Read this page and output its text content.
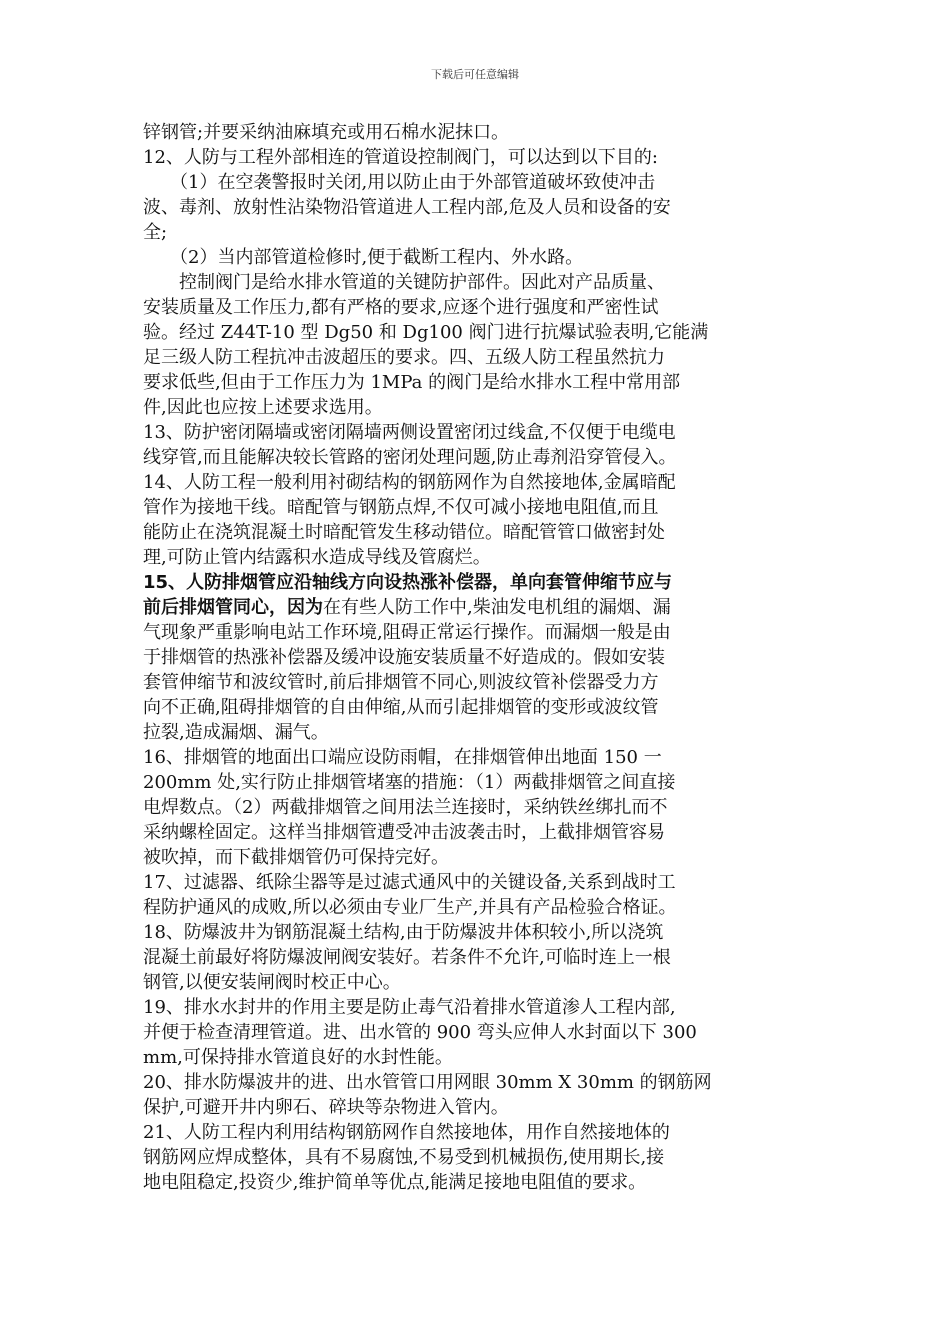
下载后可任意编辑
锌钢管;并要采纳油麻填充或用石棉水泥抹口。
12、人防与工程外部相连的管道设控制阀门，可以达到以下目的:
　　（1）在空袭警报时关闭,用以防止由于外部管道破坏致使冲击
波、毒剂、放射性沾染物沿管道进人工程内部,危及人员和设备的安
全;
　　（2）当内部管道检修时,便于截断工程内、外水路。
　　控制阀门是给水排水管道的关键防护部件。因此对产品质量、
安装质量及工作压力,都有严格的要求,应逐个进行强度和严密性试
验。经过 Z44T-10 型 Dg50 和 Dg100 阀门进行抗爆试验表明,它能满
足三级人防工程抗冲击波超压的要求。四、五级人防工程虽然抗力
要求低些,但由于工作压力为 1MPa 的阀门是给水排水工程中常用部
件,因此也应按上述要求选用。
13、防护密闭隔墙或密闭隔墙两侧设置密闭过线盒,不仅便于电缆电
线穿管,而且能解决较长管路的密闭处理问题,防止毒剂沿穿管侵入。
14、人防工程一般利用衬砌结构的钢筋网作为自然接地体,金属暗配
管作为接地干线。暗配管与钢筋点焊,不仅可减小接地电阻值,而且
能防止在浇筑混凝土时暗配管发生移动错位。暗配管管口做密封处
理,可防止管内结露积水造成导线及管腐烂。
15、人防排烟管应沿轴线方向设热涨补偿器，单向套管伸缩节应与
前后排烟管同心，因为在有些人防工作中,柴油发电机组的漏烟、漏
气现象严重影响电站工作环境,阻碍正常运行操作。而漏烟一般是由
于排烟管的热涨补偿器及缓冲设施安装质量不好造成的。假如安装
套管伸缩节和波纹管时,前后排烟管不同心,则波纹管补偿器受力方
向不正确,阻碍排烟管的自由伸缩,从而引起排烟管的变形或波纹管
拉裂,造成漏烟、漏气。
16、排烟管的地面出口端应设防雨帽，在排烟管伸出地面 150 一
200mm 处,实行防止排烟管堵塞的措施：（1）两截排烟管之间直接
电焊数点。（2）两截排烟管之间用法兰连接时，采纳铁丝绑扎而不
采纳螺栓固定。这样当排烟管遭受冲击波袭击时，上截排烟管容易
被吹掉，而下截排烟管仍可保持完好。
17、过滤器、纸除尘器等是过滤式通风中的关键设备,关系到战时工
程防护通风的成败,所以必须由专业厂生产,并具有产品检验合格证。
18、防爆波井为钢筋混凝土结构,由于防爆波井体积较小,所以浇筑
混凝土前最好将防爆波闸阀安装好。若条件不允许,可临时连上一根
钢管,以便安装闸阀时校正中心。
19、排水水封井的作用主要是防止毒气沿着排水管道渗人工程内部,
并便于检查清理管道。进、出水管的 900 弯头应伸人水封面以下 300
mm,可保持排水管道良好的水封性能。
20、排水防爆波井的进、出水管管口用网眼 30mm X 30mm 的钢筋网
保护,可避开井内卵石、碎块等杂物进入管内。
21、人防工程内利用结构钢筋网作自然接地体，用作自然接地体的
钢筋网应焊成整体，具有不易腐蚀,不易受到机械损伤,使用期长,接
地电阻稳定,投资少,维护简单等优点,能满足接地电阻值的要求。
